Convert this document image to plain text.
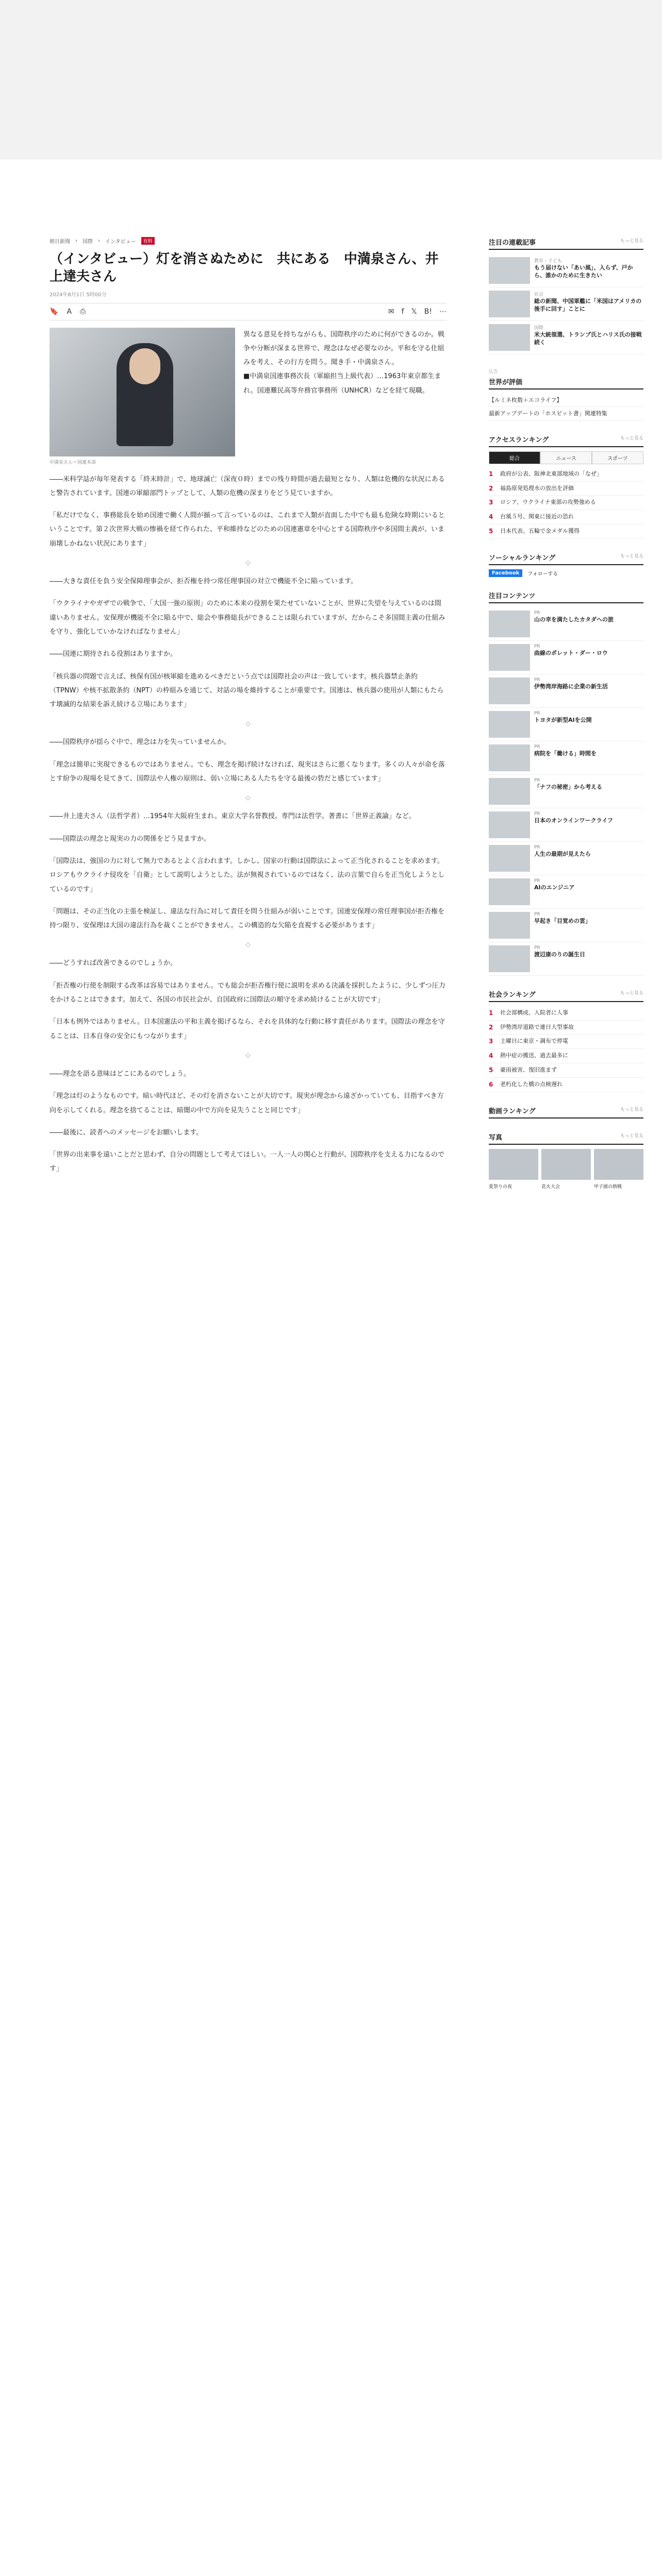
朝日新聞 › 国際 › インタビュー	有料
（インタビュー）灯を消さぬために　共にある　中満泉さん、井上達夫さん
2024年8月1日 5時00分
🔖 A ⎙	✉ f 𝕏 B! ⋯
中満泉さん＝国連本部

異なる意見を持ちながらも、国際秩序のために何ができるのか。戦争や分断が深まる世界で、理念はなぜ必要なのか。平和を守る仕組みを考え、その行方を問う。聞き手・中満泉さん。

■中満泉国連事務次長（軍縮担当上級代表）…1963年東京都生まれ。国連難民高等弁務官事務所（UNHCR）などを経て現職。

――米科学誌が毎年発表する「終末時計」で、地球滅亡（深夜０時）までの残り時間が過去最短となり、人類は危機的な状況にあると警告されています。国連の軍縮部門トップとして、人類の危機の深まりをどう見ていますか。

「私だけでなく、事務総長を始め国連で働く人間が揃って言っているのは、これまで人類が直面した中でも最も危険な時期にいるということです。第２次世界大戦の惨禍を経て作られた、平和維持などのための国連憲章を中心とする国際秩序や多国間主義が、いま崩壊しかねない状況にあります」

◇

――大きな責任を負う安全保障理事会が、拒否権を持つ常任理事国の対立で機能不全に陥っています。

「ウクライナやガザでの戦争で、「大国一強の原則」のために本来の役割を果たせていないことが、世界に失望を与えているのは間違いありません。安保理が機能不全に陥る中で、総会や事務総長ができることは限られていますが、だからこそ多国間主義の仕組みを守り、強化していかなければなりません」

――国連に期待される役割はありますか。

「核兵器の問題で言えば、核保有国が核軍縮を進めるべきだという点では国際社会の声は一致しています。核兵器禁止条約（TPNW）や核不拡散条約（NPT）の枠組みを通じて、対話の場を維持することが重要です。国連は、核兵器の使用が人類にもたらす壊滅的な結果を訴え続ける立場にあります」

◇

――国際秩序が揺らぐ中で、理念は力を失っていませんか。

「理念は簡単に実現できるものではありません。でも、理念を掲げ続けなければ、現実はさらに悪くなります。多くの人々が命を落とす紛争の現場を見てきて、国際法や人権の原則は、弱い立場にある人たちを守る最後の砦だと感じています」

◇

――井上達夫さん（法哲学者）…1954年大阪府生まれ。東京大学名誉教授。専門は法哲学。著書に「世界正義論」など。

――国際法の理念と現実の力の関係をどう見ますか。

「国際法は、強国の力に対して無力であるとよく言われます。しかし、国家の行動は国際法によって正当化されることを求めます。ロシアもウクライナ侵攻を「自衛」として説明しようとした。法が無視されているのではなく、法の言葉で自らを正当化しようとしているのです」

「問題は、その正当化の主張を検証し、違法な行為に対して責任を問う仕組みが弱いことです。国連安保理の常任理事国が拒否権を持つ限り、安保理は大国の違法行為を裁くことができません。この構造的な欠陥を直視する必要があります」

◇

――どうすれば改善できるのでしょうか。

「拒否権の行使を制限する改革は容易ではありません。でも総会が拒否権行使に説明を求める決議を採択したように、少しずつ圧力をかけることはできます。加えて、各国の市民社会が、自国政府に国際法の順守を求め続けることが大切です」

「日本も例外ではありません。日本国憲法の平和主義を掲げるなら、それを具体的な行動に移す責任があります。国際法の理念を守ることは、日本自身の安全にもつながります」

◇

――理念を語る意味はどこにあるのでしょう。

「理念は灯のようなものです。暗い時代ほど、その灯を消さないことが大切です。現実が理念から遠ざかっていても、目指すべき方向を示してくれる。理念を捨てることは、暗闇の中で方向を見失うことと同じです」

――最後に、読者へのメッセージをお願いします。

「世界の出来事を遠いことだと思わず、自分の問題として考えてほしい。一人一人の関心と行動が、国際秩序を支える力になるのです」

注目の連載記事	もっと見る
教育・子ども
もう届けない「あい風」、入らず、戸から、誰かのために生きたい
社会
総の新聞、中国軍艦に「米国はアメリカの後手に回す」ことに
国際
米大統領選、トランプ氏とハリス氏の接戦続く
広告
世界が評価
【ルミネ枚数＋エコライフ】
最新アップデートの「ホスピット書」関連特集
アクセスランキング	もっと見る
総合	ニュース	スポーツ
1	政府が公表、阪神北東部地域の「なぜ」
2	福島原発処理水の放出を評価
3	ロシア、ウクライナ東部の攻勢強める
4	台風５号、関東に接近の恐れ
5	日本代表、五輪で金メダル獲得
ソーシャルランキング	もっと見る
Facebook	フォローする
注目コンテンツ
PR
山の幸を満たしたカタダへの旅
PR
曲線のポレット・ダー・ロウ
PR
伊勢湾岸海路に企業の新生活
PR
トヨタが新型AIを公開
PR
病院を「働ける」時間を
PR
「ナフの秘密」から考える
PR
日本のオンラインワークライフ
PR
人生の最期が見えたら
PR
AIのエンジニア
PR
早起き「目覚めの雲」
PR
渡辺康のりの誕生日
社会ランキング	もっと見る
1	社会部構成、入院者に人事
2	伊勢湾岸道路で連日大型事故
3	土曜日に東京・調布で停電
4	熱中症の搬送、過去最多に
5	豪雨被害、復旧進まず
6	老朽化した橋の点検遅れ
動画ランキング	もっと見る
写真	もっと見る
夏祭りの夜	花火大会	甲子園の熱戦
